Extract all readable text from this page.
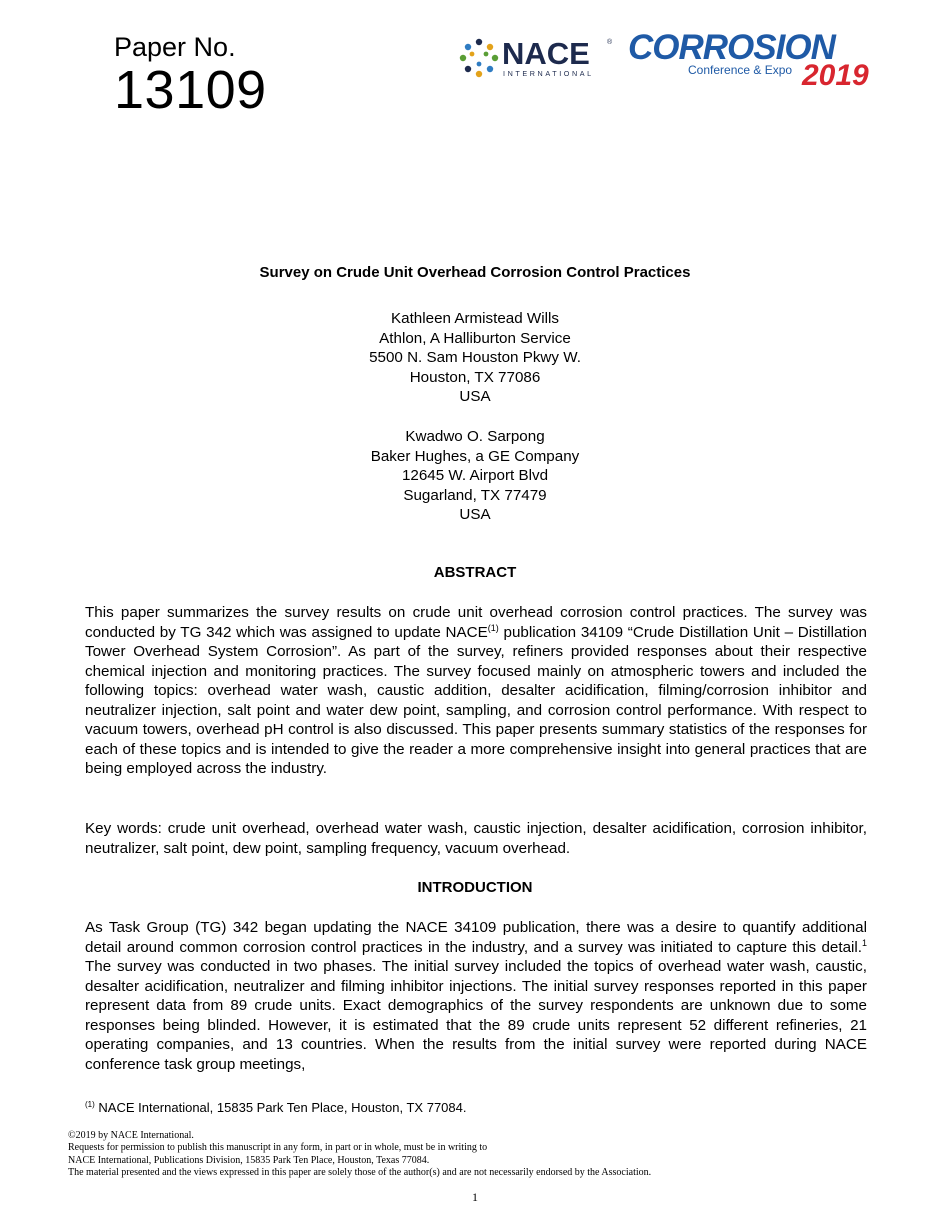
Paper No.
13109
NACE ®
INTERNATIONAL
CORROSION
Conference & Expo 2019
Survey on Crude Unit Overhead Corrosion Control Practices
Kathleen Armistead Wills
Athlon, A Halliburton Service
5500 N. Sam Houston Pkwy W.
Houston, TX 77086
USA
Kwadwo O. Sarpong
Baker Hughes, a GE Company
12645 W. Airport Blvd
Sugarland, TX 77479
USA
ABSTRACT
This paper summarizes the survey results on crude unit overhead corrosion control practices. The survey was conducted by TG 342 which was assigned to update NACE$^{(1)}$ publication 34109 “Crude Distillation Unit – Distillation Tower Overhead System Corrosion”. As part of the survey, refiners provided responses about their respective chemical injection and monitoring practices. The survey focused mainly on atmospheric towers and included the following topics: overhead water wash, caustic addition, desalter acidification, filming/corrosion inhibitor and neutralizer injection, salt point and water dew point, sampling, and corrosion control performance. With respect to vacuum towers, overhead pH control is also discussed. This paper presents summary statistics of the responses for each of these topics and is intended to give the reader a more comprehensive insight into general practices that are being employed across the industry.
Key words: crude unit overhead, overhead water wash, caustic injection, desalter acidification, corrosion inhibitor, neutralizer, salt point, dew point, sampling frequency, vacuum overhead.
INTRODUCTION
As Task Group (TG) 342 began updating the NACE 34109 publication, there was a desire to quantify additional detail around common corrosion control practices in the industry, and a survey was initiated to capture this detail.$^1$ The survey was conducted in two phases. The initial survey included the topics of overhead water wash, caustic, desalter acidification, neutralizer and filming inhibitor injections. The initial survey responses reported in this paper represent data from 89 crude units. Exact demographics of the survey respondents are unknown due to some responses being blinded. However, it is estimated that the 89 crude units represent 52 different refineries, 21 operating companies, and 13 countries. When the results from the initial survey were reported during NACE conference task group meetings,
$^{(1)}$ NACE International, 15835 Park Ten Place, Houston, TX 77084.
©2019 by NACE International.
Requests for permission to publish this manuscript in any form, in part or in whole, must be in writing to
NACE International, Publications Division, 15835 Park Ten Place, Houston, Texas 77084.
The material presented and the views expressed in this paper are solely those of the author(s) and are not necessarily endorsed by the Association.
1
